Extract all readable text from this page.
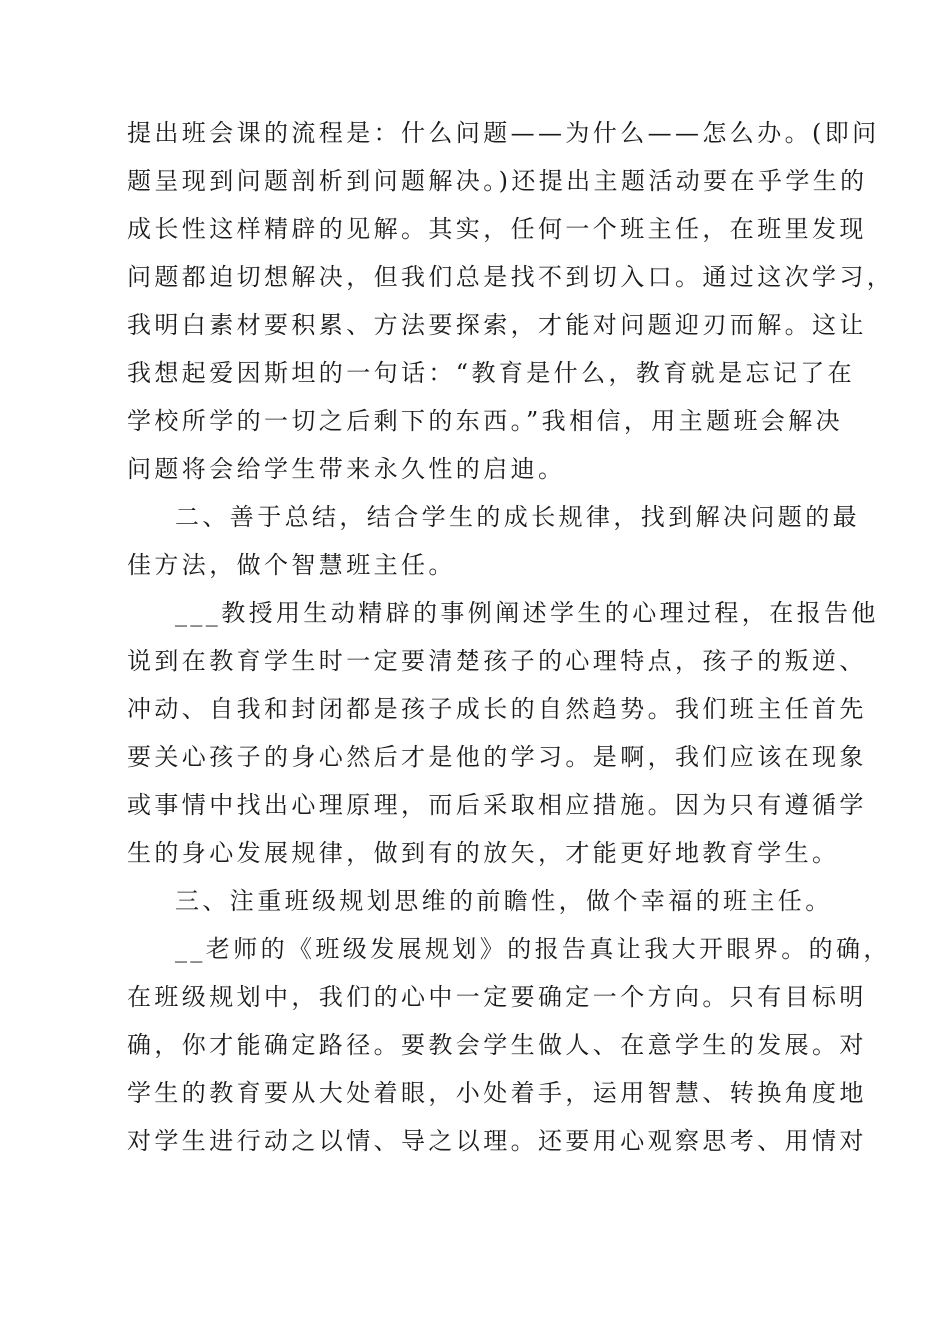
提出班会课的流程是：什么问题——为什么——怎么办。(即问
题呈现到问题剖析到问题解决。)还提出主题活动要在乎学生的
成长性这样精辟的见解。其实，任何一个班主任，在班里发现
问题都迫切想解决，但我们总是找不到切入口。通过这次学习，
我明白素材要积累、方法要探索，才能对问题迎刃而解。这让
我想起爱因斯坦的一句话：“教育是什么，教育就是忘记了在
学校所学的一切之后剩下的东西。”我相信，用主题班会解决
问题将会给学生带来永久性的启迪。
二、善于总结，结合学生的成长规律，找到解决问题的最
佳方法，做个智慧班主任。
___教授用生动精辟的事例阐述学生的心理过程，在报告他
说到在教育学生时一定要清楚孩子的心理特点，孩子的叛逆、
冲动、自我和封闭都是孩子成长的自然趋势。我们班主任首先
要关心孩子的身心然后才是他的学习。是啊，我们应该在现象
或事情中找出心理原理，而后采取相应措施。因为只有遵循学
生的身心发展规律，做到有的放矢，才能更好地教育学生。
三、注重班级规划思维的前瞻性，做个幸福的班主任。
__老师的《班级发展规划》的报告真让我大开眼界。的确，
在班级规划中，我们的心中一定要确定一个方向。只有目标明
确，你才能确定路径。要教会学生做人、在意学生的发展。对
学生的教育要从大处着眼，小处着手，运用智慧、转换角度地
对学生进行动之以情、导之以理。还要用心观察思考、用情对
